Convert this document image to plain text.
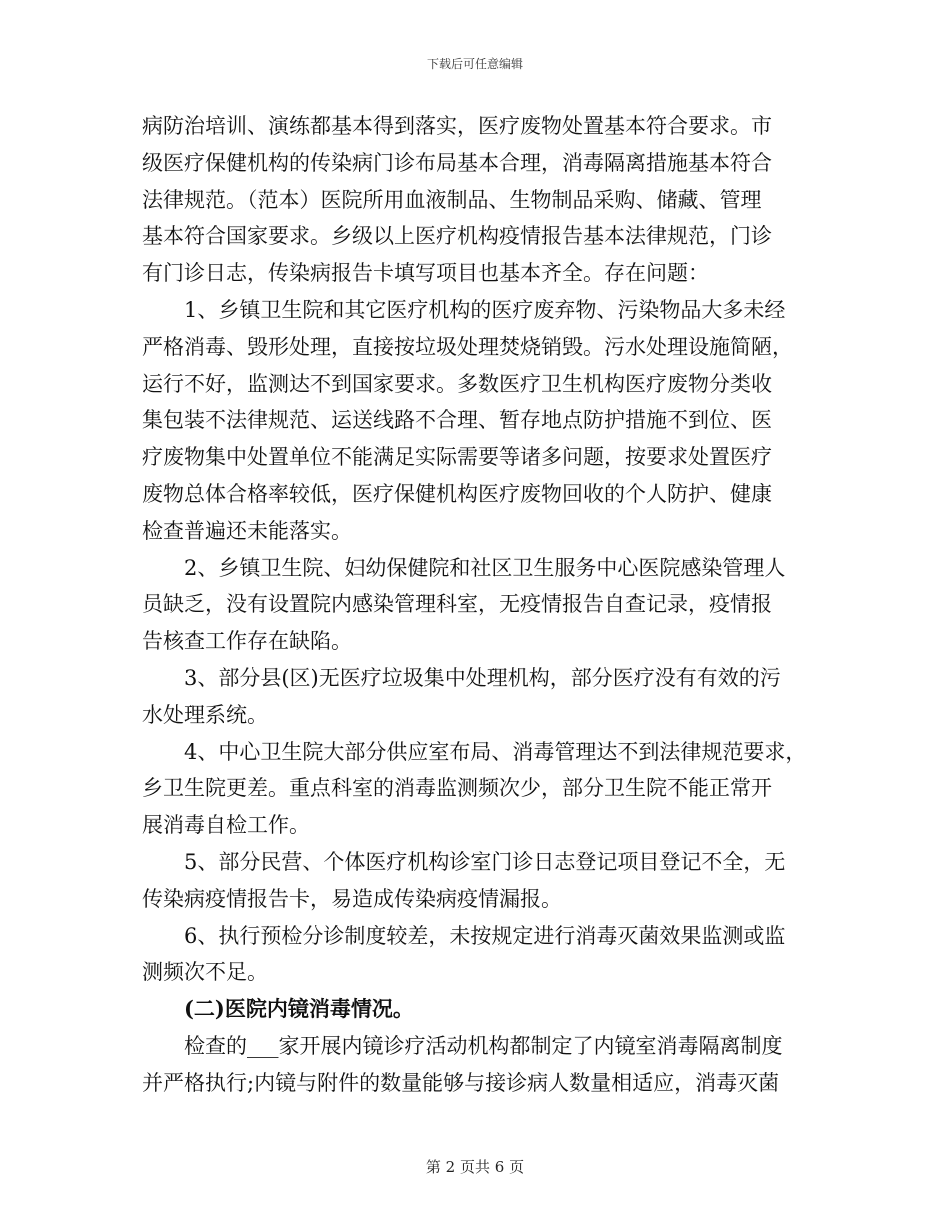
下载后可任意编辑
病防治培训、演练都基本得到落实，医疗废物处置基本符合要求。市
级医疗保健机构的传染病门诊布局基本合理，消毒隔离措施基本符合
法律规范。（范本）医院所用血液制品、生物制品采购、储藏、管理
基本符合国家要求。乡级以上医疗机构疫情报告基本法律规范，门诊
有门诊日志，传染病报告卡填写项目也基本齐全。存在问题：
1、乡镇卫生院和其它医疗机构的医疗废弃物、污染物品大多未经
严格消毒、毁形处理，直接按垃圾处理焚烧销毁。污水处理设施简陋，
运行不好，监测达不到国家要求。多数医疗卫生机构医疗废物分类收
集包装不法律规范、运送线路不合理、暂存地点防护措施不到位、医
疗废物集中处置单位不能满足实际需要等诸多问题，按要求处置医疗
废物总体合格率较低，医疗保健机构医疗废物回收的个人防护、健康
检查普遍还未能落实。
2、乡镇卫生院、妇幼保健院和社区卫生服务中心医院感染管理人
员缺乏，没有设置院内感染管理科室，无疫情报告自查记录，疫情报
告核查工作存在缺陷。
3、部分县(区)无医疗垃圾集中处理机构，部分医疗没有有效的污
水处理系统。
4、中心卫生院大部分供应室布局、消毒管理达不到法律规范要求，
乡卫生院更差。重点科室的消毒监测频次少，部分卫生院不能正常开
展消毒自检工作。
5、部分民营、个体医疗机构诊室门诊日志登记项目登记不全，无
传染病疫情报告卡，易造成传染病疫情漏报。
6、执行预检分诊制度较差，未按规定进行消毒灭菌效果监测或监
测频次不足。
(二)医院内镜消毒情况。
检查的___家开展内镜诊疗活动机构都制定了内镜室消毒隔离制度
并严格执行;内镜与附件的数量能够与接诊病人数量相适应，消毒灭菌
第 2 页共 6 页
